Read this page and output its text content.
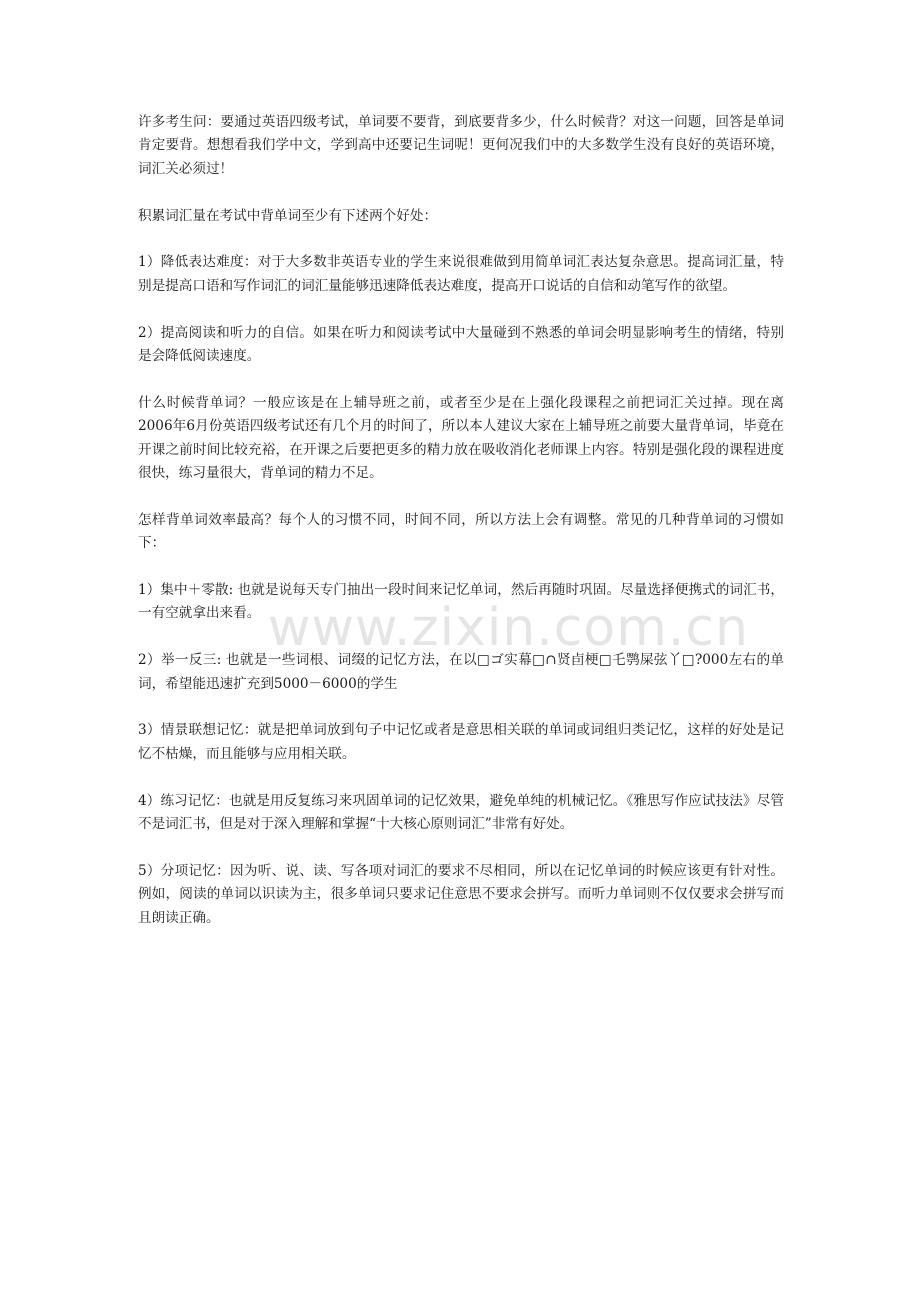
许多考生问：要通过英语四级考试，单词要不要背，到底要背多少，什么时候背？对这一问题，回答是单词肯定要背。想想看我们学中文，学到高中还要记生词呢！更何况我们中的大多数学生没有良好的英语环境，词汇关必须过！

积累词汇量在考试中背单词至少有下述两个好处：

1）降低表达难度：对于大多数非英语专业的学生来说很难做到用简单词汇表达复杂意思。提高词汇量，特别是提高口语和写作词汇的词汇量能够迅速降低表达难度，提高开口说话的自信和动笔写作的欲望。

2）提高阅读和听力的自信。如果在听力和阅读考试中大量碰到不熟悉的单词会明显影响考生的情绪，特别是会降低阅读速度。

什么时候背单词？一般应该是在上辅导班之前，或者至少是在上强化段课程之前把词汇关过掉。现在离2006年6月份英语四级考试还有几个月的时间了，所以本人建议大家在上辅导班之前要大量背单词，毕竟在开课之前时间比较充裕，在开课之后要把更多的精力放在吸收消化老师课上内容。特别是强化段的课程进度很快，练习量很大，背单词的精力不足。

怎样背单词效率最高？每个人的习惯不同，时间不同，所以方法上会有调整。常见的几种背单词的习惯如下：

1）集中＋零散: 也就是说每天专门抽出一段时间来记忆单词，然后再随时巩固。尽量选择便携式的词汇书，一有空就拿出来看。

2）举一反三: 也就是一些词根、词缀的记忆方法，在以□ゴ实幕□∩贤卣梗□乇鹗屎弦丫□?000左右的单词，希望能迅速扩充到5000－6000的学生

3）情景联想记忆：就是把单词放到句子中记忆或者是意思相关联的单词或词组归类记忆，这样的好处是记忆不枯燥，而且能够与应用相关联。

4）练习记忆：也就是用反复练习来巩固单词的记忆效果，避免单纯的机械记忆。《雅思写作应试技法》尽管不是词汇书，但是对于深入理解和掌握“十大核心原则词汇”非常有好处。

5）分项记忆：因为听、说、读、写各项对词汇的要求不尽相同，所以在记忆单词的时候应该更有针对性。例如，阅读的单词以识读为主，很多单词只要求记住意思不要求会拼写。而听力单词则不仅仅要求会拼写而且朗读正确。

www.zixin.com.cn
